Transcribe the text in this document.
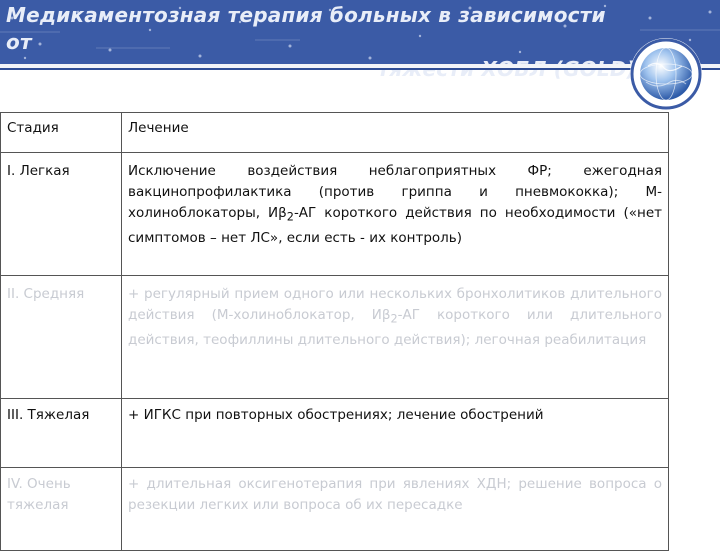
Медикаментозная терапия больных в зависимости от
Стадия	Лечение
I. Легкая	Исключение воздействия неблагоприятных ФР; ежегодная вакцинопрофилактика (против гриппа и пневмококка); М-холиноблокаторы, $И\beta_2-АГ$ короткого действия по необходимости («нет симптомов – нет ЛС», если есть - их контроль)
II. Средняя	+ регулярный прием одного или нескольких бронхолитиков длительного действия (М-холиноблокатор, $И\beta_2-АГ$ короткого или длительного действия, теофиллины длительного действия); легочная реабилитация
III. Тяжелая	+ ИГКС при повторных обострениях; лечение обострений
IV. Очень тяжелая	+ длительная оксигенотерапия при явлениях ХДН; решение вопроса о резекции легких или вопроса об их пересадке
